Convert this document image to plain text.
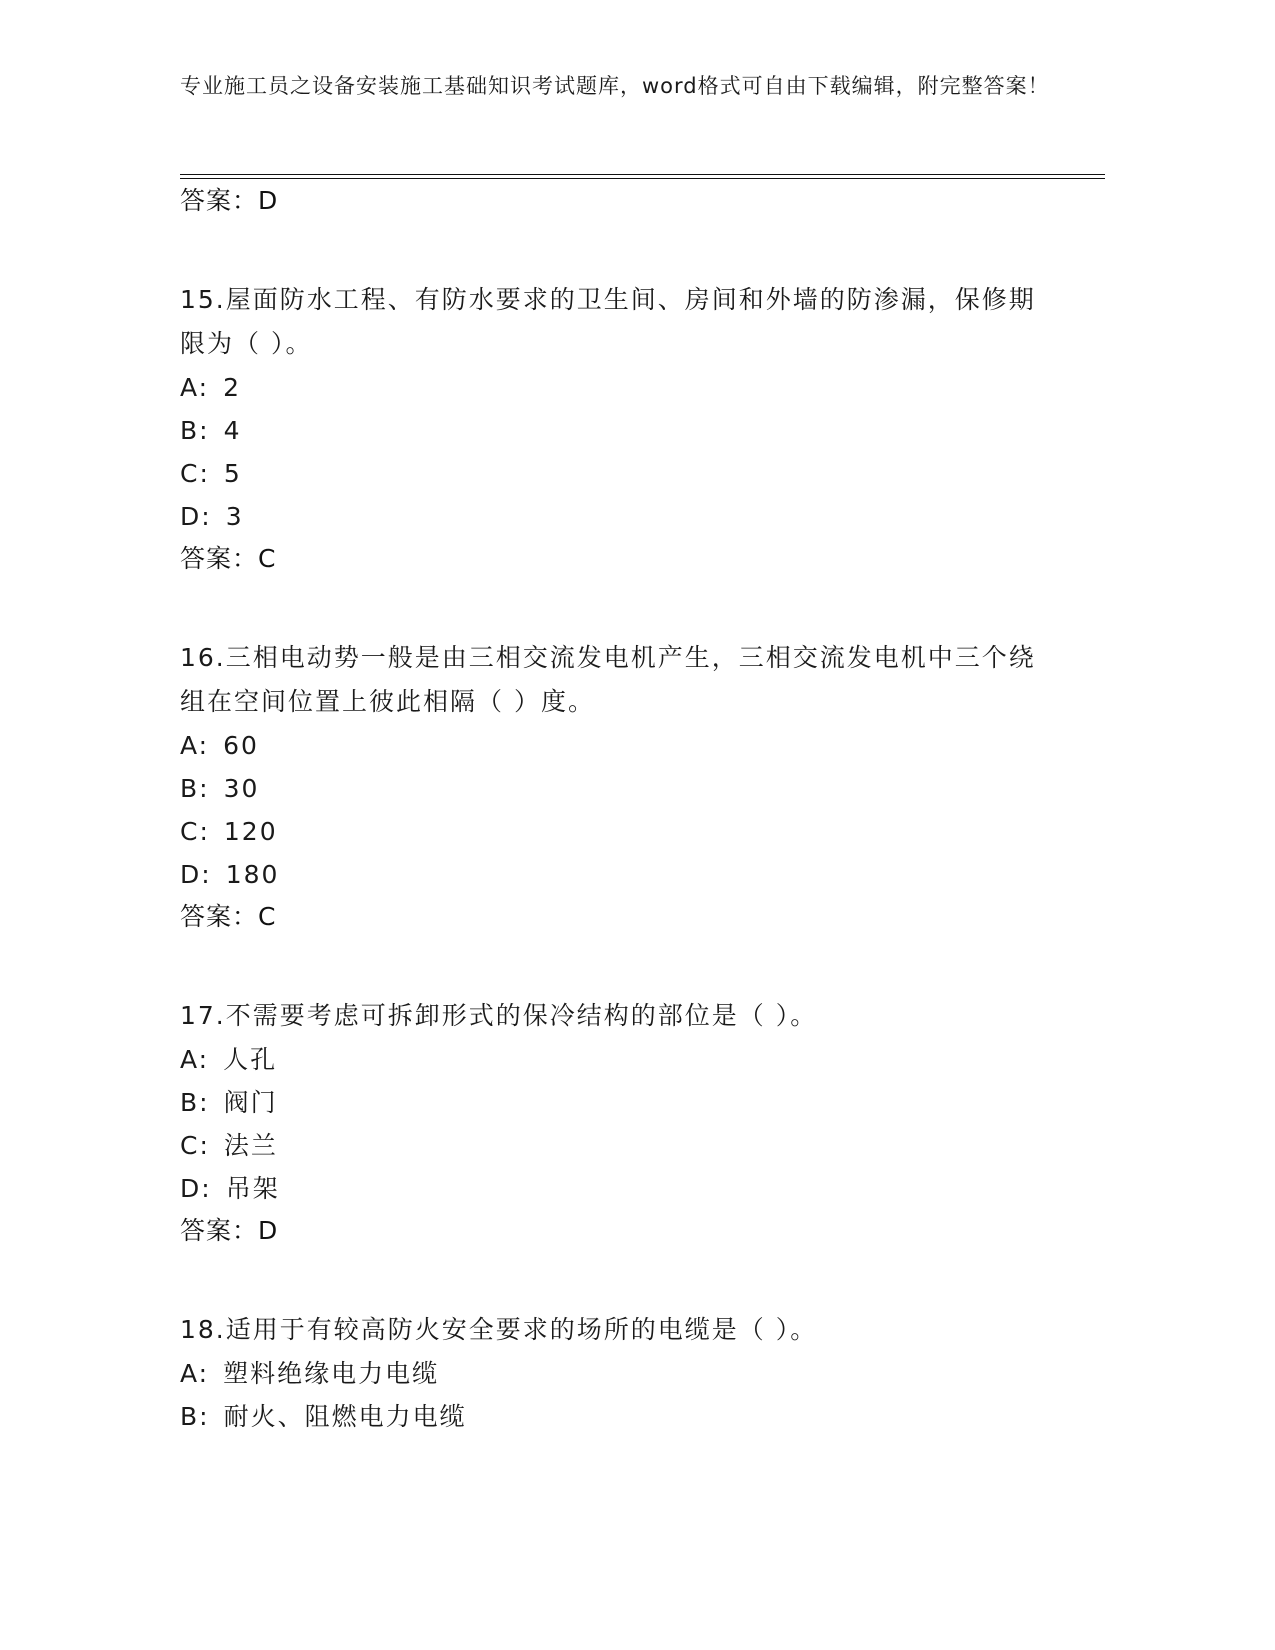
专业施工员之设备安装施工基础知识考试题库，word格式可自由下载编辑，附完整答案！

答案：D

15.屋面防水工程、有防水要求的卫生间、房间和外墙的防渗漏，保修期限为（ ）。

A: 2

B: 4

C: 5

D: 3

答案：C

16.三相电动势一般是由三相交流发电机产生，三相交流发电机中三个绕组在空间位置上彼此相隔（ ）度。

A: 60

B: 30

C: 120

D: 180

答案：C

17.不需要考虑可拆卸形式的保冷结构的部位是（ ）。

A: 人孔

B: 阀门

C: 法兰

D: 吊架

答案：D

18.适用于有较高防火安全要求的场所的电缆是（ ）。

A: 塑料绝缘电力电缆

B: 耐火、阻燃电力电缆
